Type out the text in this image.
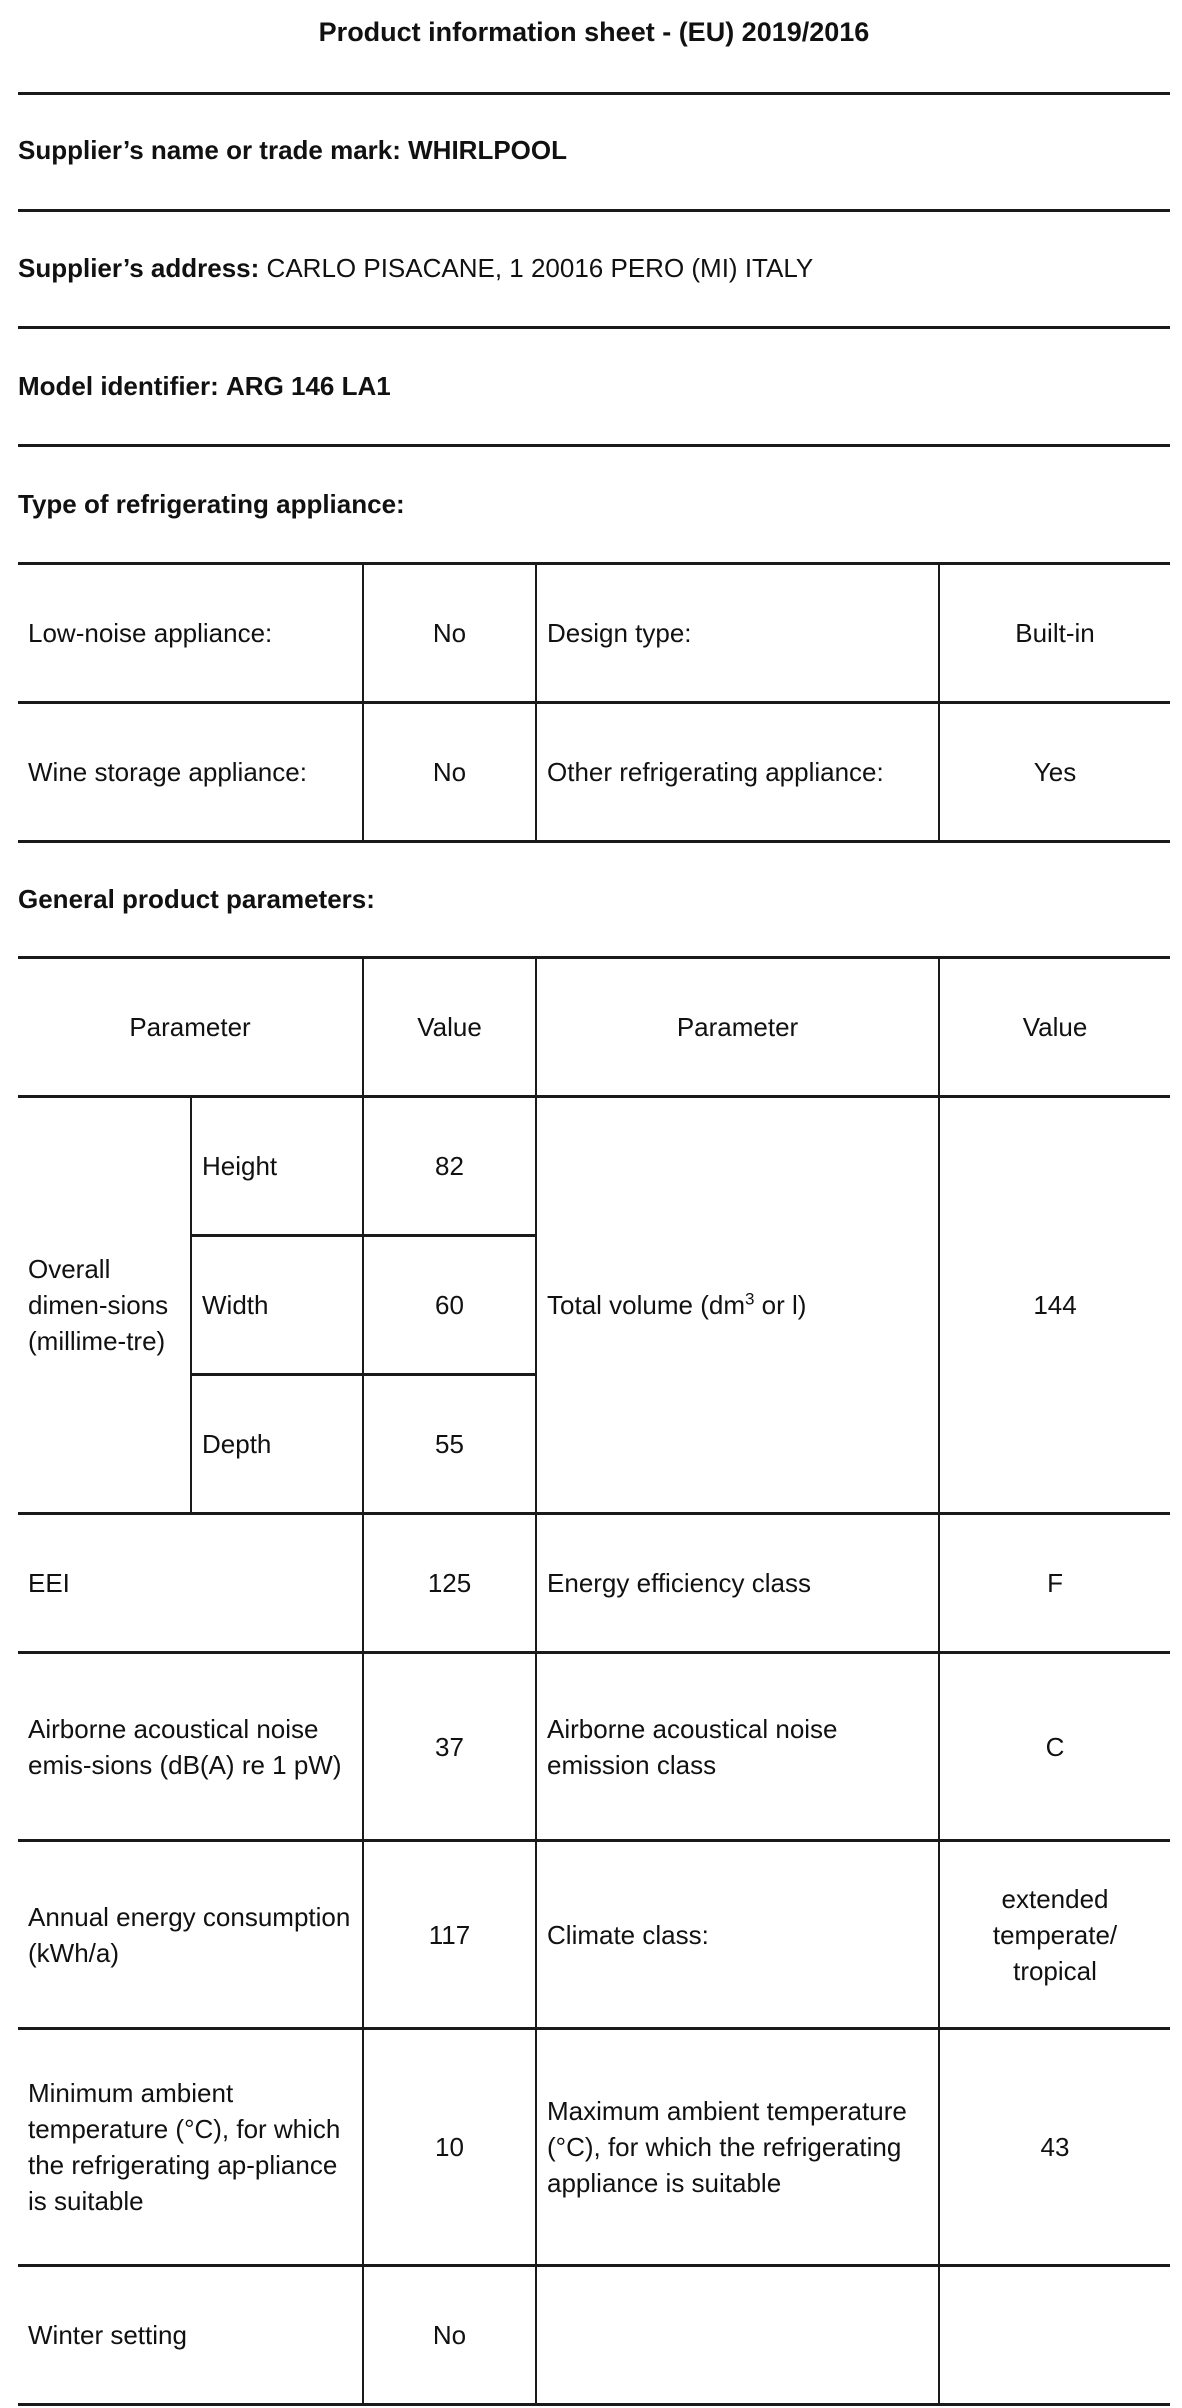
Product information sheet - (EU) 2019/2016
Supplier’s name or trade mark: WHIRLPOOL
Supplier’s address: CARLO PISACANE, 1 20016 PERO (MI) ITALY
Model identifier: ARG 146 LA1
Type of refrigerating appliance:
Low-noise appliance:	No	Design type:	Built-in
Wine storage appliance:	No	Other refrigerating appliance:	Yes
General product parameters:
Parameter		Value	Parameter	Value
Overall dimen-sions (millime-tre)	Height	82	Total volume ($dm^3$ or l)	144
	Width	60		
	Depth	55		
EEI		125	Energy efficiency class	F
Airborne acoustical noise emis-sions (dB(A) re 1 pW)		37	Airborne acoustical noise emission class	C
Annual energy consumption (kWh/a)		117	Climate class:	extended temperate/ tropical
Minimum ambient temperature (°C), for which the refrigerating ap-pliance is suitable		10	Maximum ambient temperature (°C), for which the refrigerating appliance is suitable	43
Winter setting		No		
